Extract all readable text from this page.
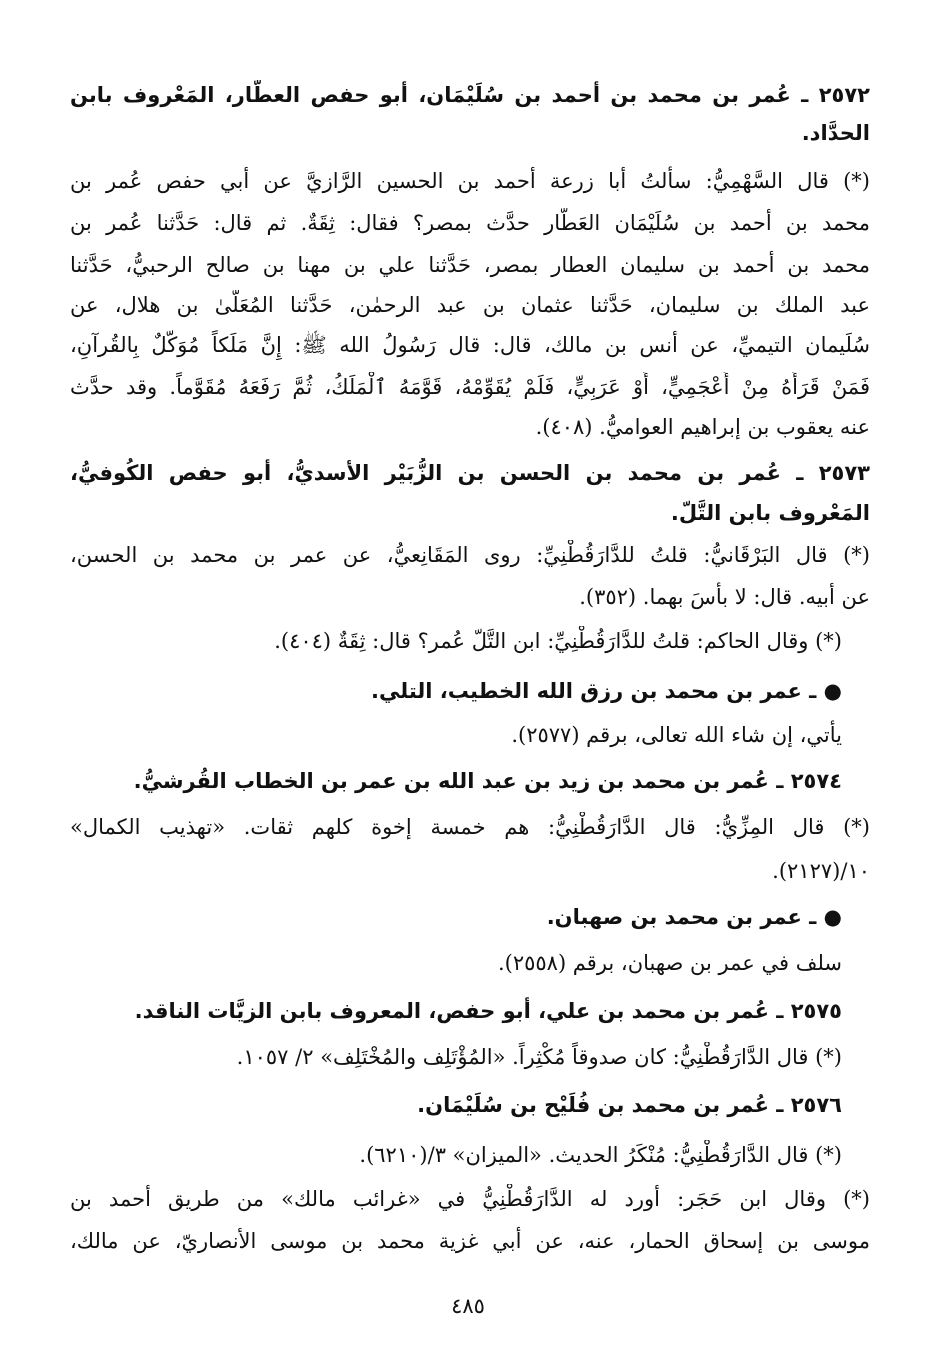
٢٥٧٢ ـ عُمر بن محمد بن أحمد بن سُلَيْمَان، أبو حفص العطَّار، المَعْروف بابن
الحدَّاد.
(*) قال السَّهْمِيُّ: سألتُ أبا زرعة أحمد بن الحسين الرَّازيَّ عن أبي حفص عُمر بن
محمد بن أحمد بن سُلَيْمَان العَطَّار حدَّث بمصر؟ فقال: ثِقَةٌ. ثم قال: حَدَّثنا عُمر بن
محمد بن أحمد بن سليمان العطار بمصر، حَدَّثنا علي بن مهنا بن صالح الرحبيُّ، حَدَّثنا
عبد الملك بن سليمان، حَدَّثنا عثمان بن عبد الرحمٰن، حَدَّثنا المُعَلَّىٰ بن هلال، عن
سُلَيمان التيميِّ، عن أنس بن مالك، قال: قال رَسُولُ الله ﷺ: إِنَّ مَلَكاً مُوَكَّلٌ بِالقُرآنِ،
فَمَنْ قَرَأَهُ مِنْ أَعْجَمِيٍّ، أَوْ عَرَبِيٍّ، فَلَمْ يُقَوِّمْهُ، قَوَّمَهُ ٱلْمَلَكُ، ثُمَّ رَفَعَهُ مُقَوَّماً. وقد حدَّث
عنه يعقوب بن إبراهيم العواميُّ. (٤٠٨).
٢٥٧٣ ـ عُمر بن محمد بن الحسن بن الزُّبَيْر الأسديُّ، أبو حفص الكُوفيُّ،
المَعْروف بابن التَّلّ.
(*) قال البَرْقَانيُّ: قلتُ للدَّارَقُطْنِيِّ: روى المَقَانِعيُّ، عن عمر بن محمد بن الحسن،
عن أبيه. قال: لا بأْسَ بهما. (٣٥٢).
(*) وقال الحاكم: قلتُ للدَّارَقُطْنِيِّ: ابن التَّلّ عُمر؟ قال: ثِقَةٌ (٤٠٤).
● ـ عمر بن محمد بن رزق الله الخطيب، التلي.
يأتي، إن شاء الله تعالى، برقم (٢٥٧٧).
٢٥٧٤ ـ عُمر بن محمد بن زيد بن عبد الله بن عمر بن الخطاب القُرشيُّ.
(*) قال المِزِّيُّ: قال الدَّارَقُطْنِيُّ: هم خمسة إخوة كلهم ثقات. «تهذيب الكمال»
١٠/(٢١٢٧).
● ـ عمر بن محمد بن صهبان.
سلف في عمر بن صهبان، برقم (٢٥٥٨).
٢٥٧٥ ـ عُمر بن محمد بن علي، أبو حفص، المعروف بابن الزيَّات الناقد.
(*) قال الدَّارَقُطْنِيُّ: كان صدوقاً مُكْثِراً. «المُؤْتَلِف والمُخْتَلِف» ٢/ ١٠٥٧.
٢٥٧٦ ـ عُمر بن محمد بن فُلَيْح بن سُلَيْمَان.
(*) قال الدَّارَقُطْنِيُّ: مُنْكَرُ الحديث. «الميزان» ٣/(٦٢١٠).
(*) وقال ابن حَجَر: أورد له الدَّارَقُطْنِيُّ في «غرائب مالك» من طريق أحمد بن
موسى بن إسحاق الحمار، عنه، عن أبي غزية محمد بن موسى الأنصاريّ، عن مالك،
٤٨٥
